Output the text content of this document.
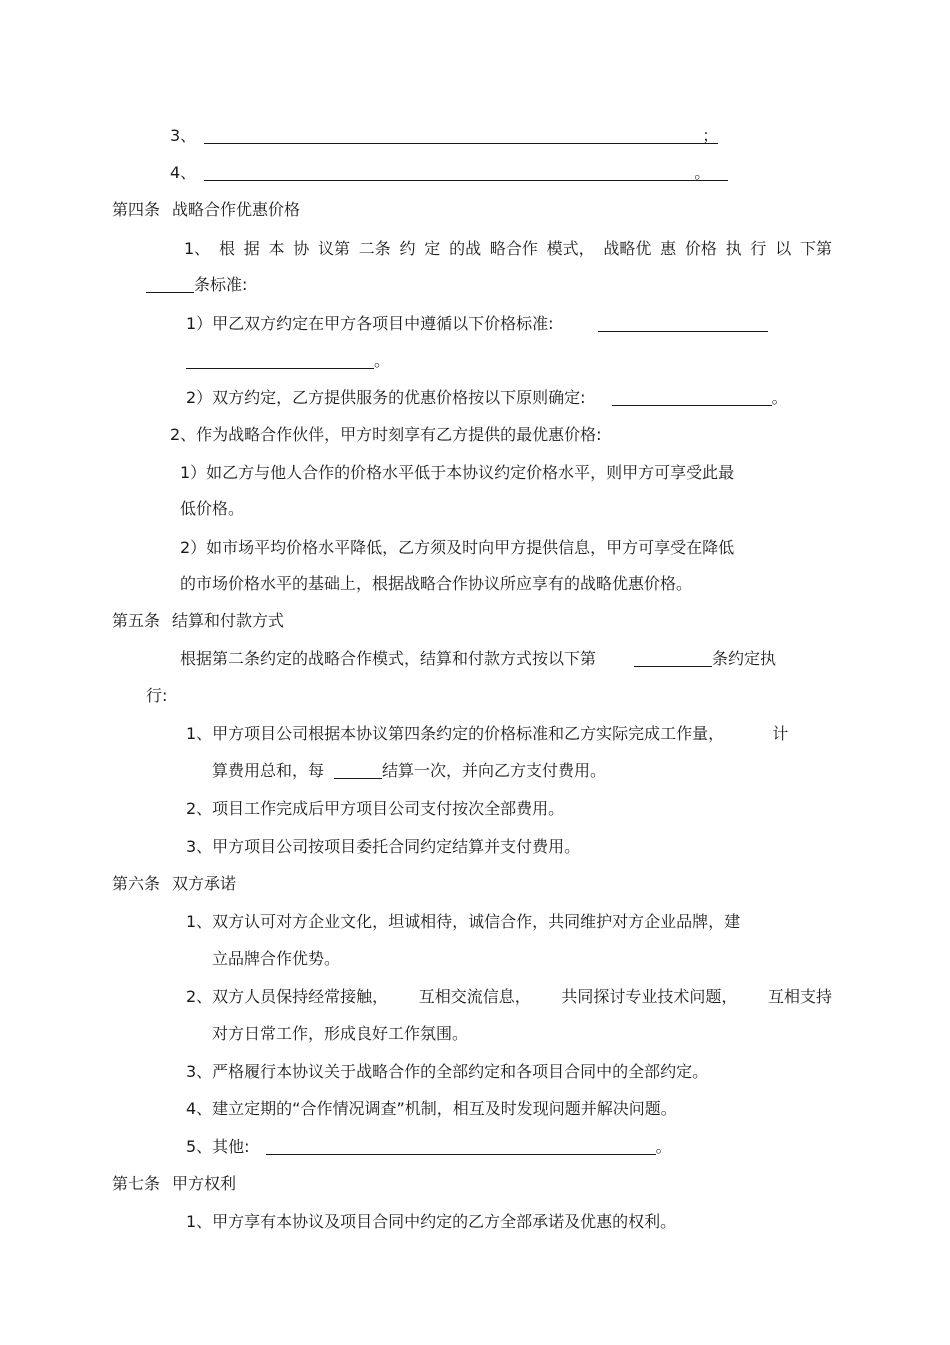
3、	；
4、	。
第四条 战略合作优惠价格
1、 根 据 本 协 议第 二条 约 定 的战 略合作 模式， 战略优 惠 价格 执 行 以 下第
条标准:
1）甲乙双方约定在甲方各项目中遵循以下价格标准:
。
2）双方约定，乙方提供服务的优惠价格按以下原则确定:	。
2、作为战略合作伙伴，甲方时刻享有乙方提供的最优惠价格:
1）如乙方与他人合作的价格水平低于本协议约定价格水平，则甲方可享受此最
低价格。
2）如市场平均价格水平降低，乙方须及时向甲方提供信息，甲方可享受在降低
的市场价格水平的基础上，根据战略合作协议所应享有的战略优惠价格。
第五条 结算和付款方式
根据第二条约定的战略合作模式，结算和付款方式按以下第	条约定执
行:
1、甲方项目公司根据本协议第四条约定的价格标准和乙方实际完成工作量，	计
算费用总和，每	结算一次，并向乙方支付费用。
2、项目工作完成后甲方项目公司支付按次全部费用。
3、甲方项目公司按项目委托合同约定结算并支付费用。
第六条 双方承诺
1、双方认可对方企业文化，坦诚相待，诚信合作，共同维护对方企业品牌，建
立品牌合作优势。
2、双方人员保持经常接触， 互相交流信息， 共同探讨专业技术问题， 互相支持
对方日常工作，形成良好工作氛围。
3、严格履行本协议关于战略合作的全部约定和各项目合同中的全部约定。
4、建立定期的“合作情况调查”机制，相互及时发现问题并解决问题。
5、其他:	。
第七条 甲方权利
1、甲方享有本协议及项目合同中约定的乙方全部承诺及优惠的权利。
